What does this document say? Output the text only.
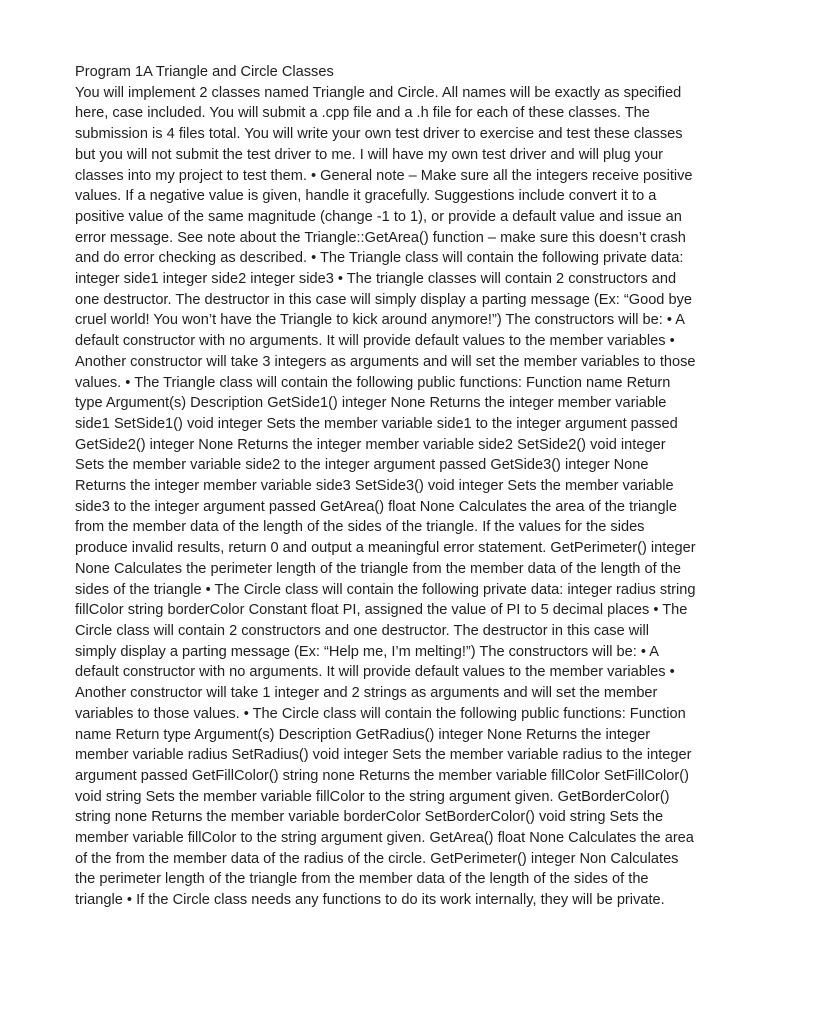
Program 1A Triangle and Circle Classes

You will implement 2 classes named Triangle and Circle. All names will be exactly as specified
here, case included. You will submit a .cpp file and a .h file for each of these classes. The
submission is 4 files total. You will write your own test driver to exercise and test these classes
but you will not submit the test driver to me. I will have my own test driver and will plug your
classes into my project to test them. • General note – Make sure all the integers receive positive
values. If a negative value is given, handle it gracefully. Suggestions include convert it to a
positive value of the same magnitude (change -1 to 1), or provide a default value and issue an
error message. See note about the Triangle::GetArea() function – make sure this doesn’t crash
and do error checking as described. • The Triangle class will contain the following private data:
integer side1 integer side2 integer side3 • The triangle classes will contain 2 constructors and
one destructor. The destructor in this case will simply display a parting message (Ex: “Good bye
cruel world! You won’t have the Triangle to kick around anymore!”) The constructors will be: • A
default constructor with no arguments. It will provide default values to the member variables •
Another constructor will take 3 integers as arguments and will set the member variables to those
values. • The Triangle class will contain the following public functions: Function name Return
type Argument(s) Description GetSide1() integer None Returns the integer member variable
side1 SetSide1() void integer Sets the member variable side1 to the integer argument passed
GetSide2() integer None Returns the integer member variable side2 SetSide2() void integer
Sets the member variable side2 to the integer argument passed GetSide3() integer None
Returns the integer member variable side3 SetSide3() void integer Sets the member variable
side3 to the integer argument passed GetArea() float None Calculates the area of the triangle
from the member data of the length of the sides of the triangle. If the values for the sides
produce invalid results, return 0 and output a meaningful error statement. GetPerimeter() integer
None Calculates the perimeter length of the triangle from the member data of the length of the
sides of the triangle • The Circle class will contain the following private data: integer radius string
fillColor string borderColor Constant float PI, assigned the value of PI to 5 decimal places • The
Circle class will contain 2 constructors and one destructor. The destructor in this case will
simply display a parting message (Ex: “Help me, I’m melting!”) The constructors will be: • A
default constructor with no arguments. It will provide default values to the member variables •
Another constructor will take 1 integer and 2 strings as arguments and will set the member
variables to those values. • The Circle class will contain the following public functions: Function
name Return type Argument(s) Description GetRadius() integer None Returns the integer
member variable radius SetRadius() void integer Sets the member variable radius to the integer
argument passed GetFillColor() string none Returns the member variable fillColor SetFillColor()
void string Sets the member variable fillColor to the string argument given. GetBorderColor()
string none Returns the member variable borderColor SetBorderColor() void string Sets the
member variable fillColor to the string argument given. GetArea() float None Calculates the area
of the from the member data of the radius of the circle. GetPerimeter() integer Non Calculates
the perimeter length of the triangle from the member data of the length of the sides of the
triangle • If the Circle class needs any functions to do its work internally, they will be private.
